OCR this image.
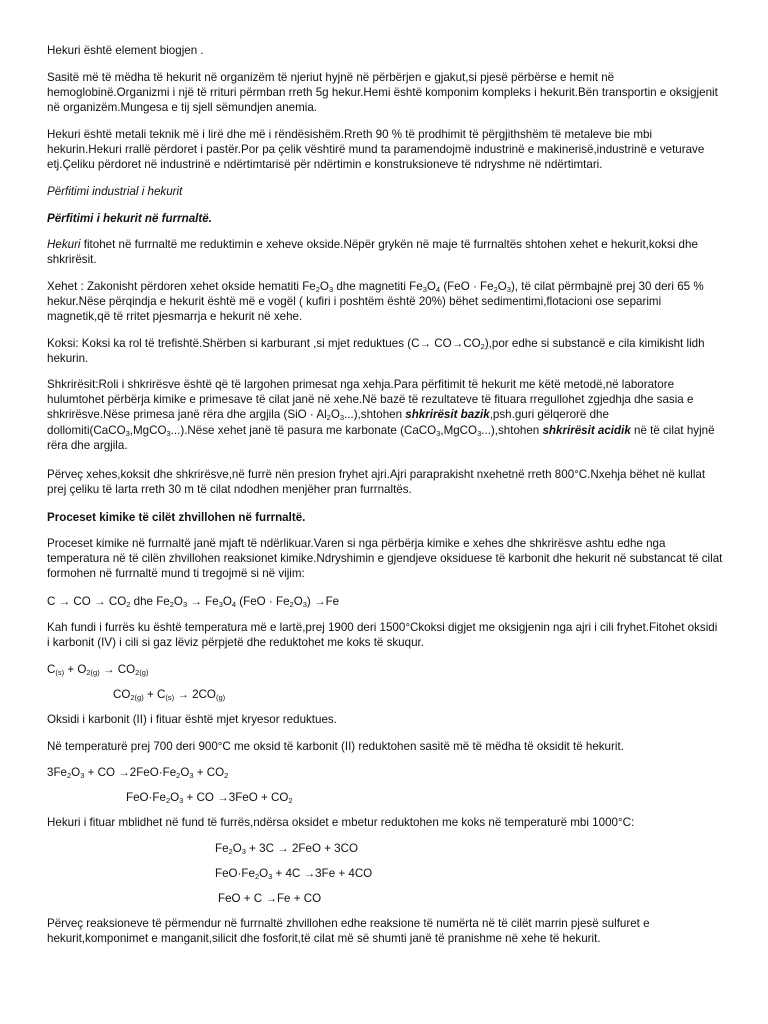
Hekuri është element biogjen .

Sasitë më të mëdha të hekurit në organizëm të njeriut hyjnë në përbërjen e gjakut,si pjesë përbërse e hemit në hemoglobinë.Organizmi i një të rrituri përmban rreth 5g hekur.Hemi është komponim kompleks i hekurit.Bën transportin e oksigjenit në organizëm.Mungesa e tij sjell sëmundjen anemia.

Hekuri është metali teknik më i lirë dhe më i rëndësishëm.Rreth 90 % të prodhimit të përgjithshëm të metaleve bie mbi hekurin.Hekuri rrallë përdoret i pastër.Por pa çelik vështirë mund ta paramendojmë industrinë e makinerisë,industrinë e veturave etj.Çeliku përdoret në industrinë e ndërtimtarisë për ndërtimin e konstruksioneve të ndryshme në ndërtimtari.

Përfitimi industrial i hekurit

Përfitimi i hekurit në furrnaltë.

Hekuri fitohet në furrnaltë me reduktimin e xeheve okside.Nëpër grykën në maje të furrnaltës shtohen xehet e hekurit,koksi dhe shkrirësit.

Xehet : Zakonisht përdoren xehet okside hematiti $Fe_2O_3$ dhe magnetiti $Fe_3O_4$ $(FeO \cdot Fe_2O_3)$, të cilat përmbajnë prej 30 deri 65 % hekur.Nëse përqindja e hekurit është më e vogël ( kufiri i poshtëm është 20%) bëhet sedimentimi,flotacioni ose separimi magnetik,që të rritet pjesmarrja e hekurit në xehe.

Koksi: Koksi ka rol të trefishtë.Shërben si karburant ,si mjet reduktues $(C\to CO\to CO_2),por$ edhe si substancë e cila kimikisht lidh hekurin.

Shkrirësit:Roli i shkrirësve është që të largohen primesat nga xehja.Para përfitimit të hekurit me këtë metodë,në laboratore hulumtohet përbërja kimike e primesave të cilat janë në xehe.Në bazë të rezultateve të fituara rregullohet zgjedhja dhe sasia e shkrirësve.Nëse primesa janë rëra dhe argjila $(SiO \cdot Al_2O_3...),shtohen$ shkrirësit bazik,psh.guri gëlqerorë dhe dollomiti(CaCO$_3$,MgCO$_3$...).Nëse xehet janë të pasura me karbonate (CaCO$_3$,MgCO$_3$...),shtohen shkrirësit acidik në të cilat hyjnë rëra dhe argjila.

Përveç xehes,koksit dhe shkrirësve,në furrë nën presion fryhet ajri.Ajri paraprakisht nxehetnë rreth 800°C.Nxehja bëhet në kullat prej çeliku të larta rreth 30 m të cilat ndodhen menjëher pran furrnaltës.

Proceset kimike të cilët zhvillohen në furrnaltë.

Proceset kimike në furrnaltë janë mjaft të ndërlikuar.Varen si nga përbërja kimike e xehes dhe shkrirësve ashtu edhe nga temperatura në të cilën zhvillohen reaksionet kimike.Ndryshimin e gjendjeve oksiduese të karbonit dhe hekurit në substancat të cilat formohen në furrnaltë mund ti tregojmë si në vijim:

C → CO → $CO_2$ dhe $Fe_2O_3 \to Fe_3O_4$ $(FeO \cdot Fe_2O_3) \to Fe$

Kah fundi i furrës ku është temperatura më e lartë,prej 1900 deri 1500°Ckoksi digjet me oksigjenin nga ajri i cili fryhet.Fitohet oksidi i karbonit (IV) i cili si gaz lëviz përpjetë dhe reduktohet me koks të skuqur.

$C_{(s)} + O_{2(g)} \to CO_{2(g)}$

$CO_{2(g)} + C_{(s)} \to 2CO_{(g)}$

Oksidi i karbonit (II) i fituar është mjet kryesor reduktues.

Në temperaturë prej 700 deri 900°C me oksid të karbonit (II) reduktohen sasitë më të mëdha të oksidit të hekurit.

$3Fe_2O_3$ + CO $\to 2FeO\cdot Fe_2O_3 + CO_2$

$FeO\cdot Fe_2O_3$ + CO $\to 3FeO + CO_2$

Hekuri i fituar mblidhet në fund të furrës,ndërsa oksidet e mbetur reduktohen me koks në temperaturë mbi 1000°C:

$Fe_2O_3 + 3C \to 2FeO + 3CO$

$FeO\cdot Fe_2O_3 + 4C \to 3Fe + 4CO$

FeO + C →Fe + CO

Përveç reaksioneve të përmendur në furrnaltë zhvillohen edhe reaksione të numërta në të cilët marrin pjesë sulfuret e hekurit,komponimet e manganit,silicit dhe fosforit,të cilat më së shumti janë të pranishme në xehe të hekurit.
